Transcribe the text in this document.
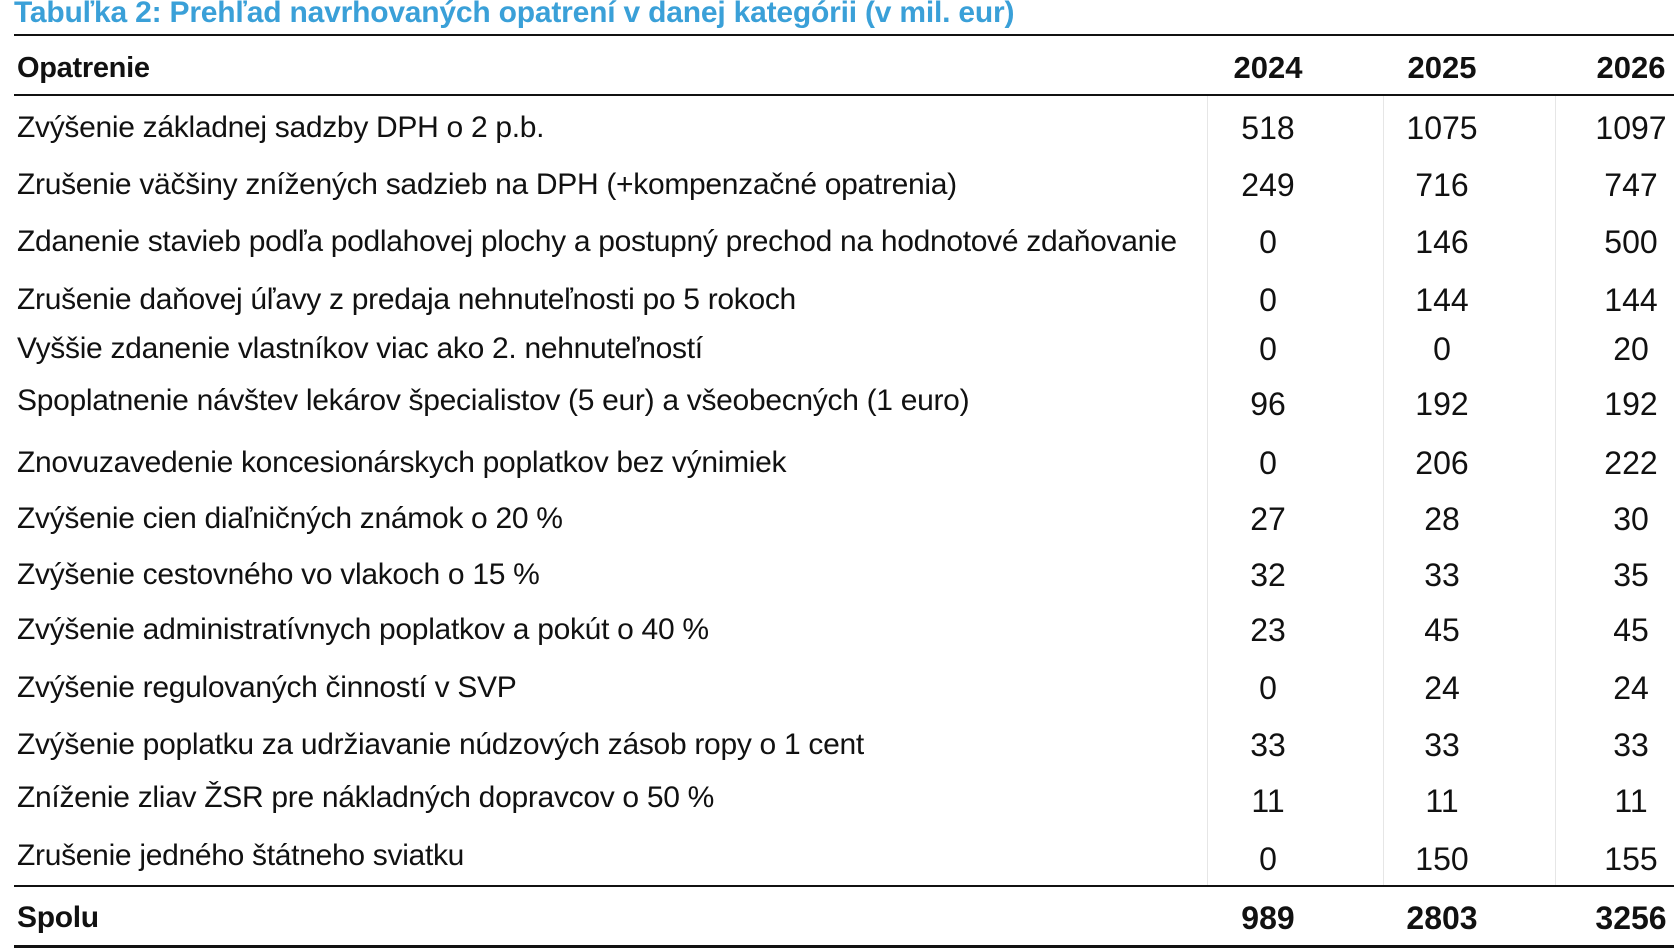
Tabuľka 2: Prehľad navrhovaných opatrení v danej kategórii (v mil. eur)
Opatrenie	2024	2025	2026
Zvýšenie základnej sadzby DPH o 2 p.b.	518	1075	1097
Zrušenie väčšiny znížených sadzieb na DPH (+kompenzačné opatrenia)	249	716	747
Zdanenie stavieb podľa podlahovej plochy a postupný prechod na hodnotové zdaňovanie	0	146	500
Zrušenie daňovej úľavy z predaja nehnuteľnosti po 5 rokoch	0	144	144
Vyššie zdanenie vlastníkov viac ako 2. nehnuteľností	0	0	20
Spoplatnenie návštev lekárov špecialistov (5 eur) a všeobecných (1 euro)	96	192	192
Znovuzavedenie koncesionárskych poplatkov bez výnimiek	0	206	222
Zvýšenie cien diaľničných známok o 20 %	27	28	30
Zvýšenie cestovného vo vlakoch o 15 %	32	33	35
Zvýšenie administratívnych poplatkov a pokút o 40 %	23	45	45
Zvýšenie regulovaných činností v SVP	0	24	24
Zvýšenie poplatku za udržiavanie núdzových zásob ropy o 1 cent	33	33	33
Zníženie zliav ŽSR pre nákladných dopravcov o 50 %	11	11	11
Zrušenie jedného štátneho sviatku	0	150	155
Spolu	989	2803	3256
